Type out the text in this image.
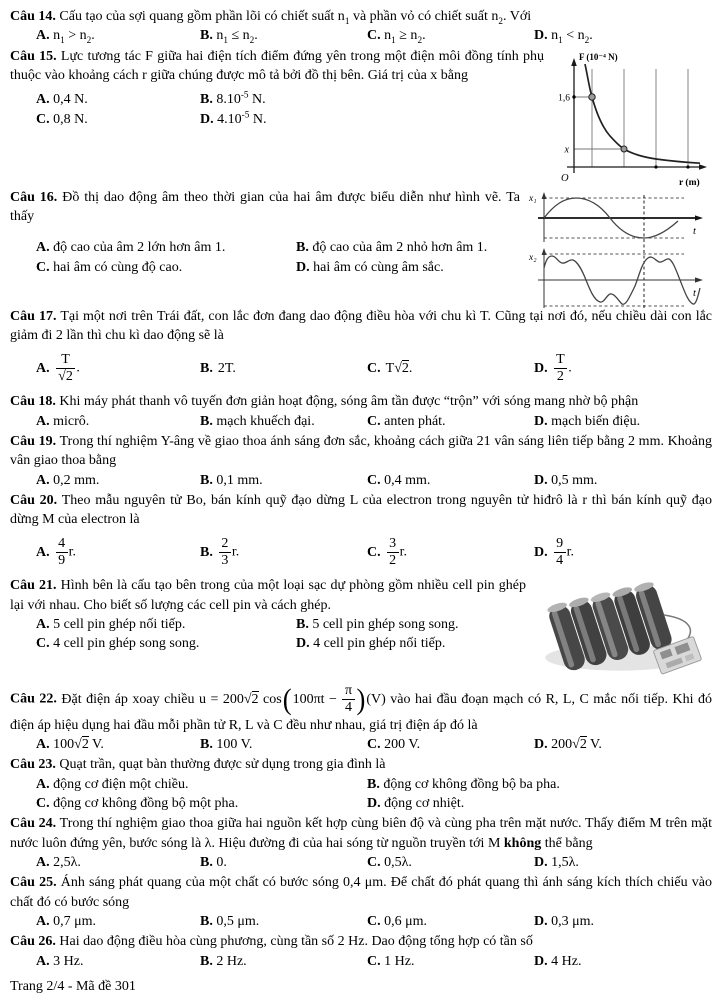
Câu 14. Cấu tạo của sợi quang gồm phần lõi có chiết suất $n_1$ và phần vỏ có chiết suất $n_2$. Với

A. $n_1 > n_2$.	B. $n_1 \le n_2$.	C. $n_1 \ge n_2$.	D. $n_1 < n_2$.

Câu 15. Lực tương tác F giữa hai điện tích điểm đứng yên trong một điện môi đồng tính phụ thuộc vào khoảng cách r giữa chúng được mô tả bởi đồ thị bên. Giá trị của x bằng

A. 0,4 N.	B. $8.10^{-5}$ N.
C. 0,8 N.	D. $4.10^{-5}$ N.
F (10⁻⁴ N)
1,6
x
O	r (m)

Câu 16. Đồ thị dao động âm theo thời gian của hai âm được biểu diễn như hình vẽ. Ta thấy

A. độ cao của âm 2 lớn hơn âm 1.	B. độ cao của âm 2 nhỏ hơn âm 1.
C. hai âm có cùng độ cao.	D. hai âm có cùng âm sắc.
x₁
t
x₂
t

Câu 17. Tại một nơi trên Trái đất, con lắc đơn đang dao động điều hòa với chu kì T. Cũng tại nơi đó, nếu chiều dài con lắc giảm đi 2 lần thì chu kì dao động sẽ là

A. $\frac{T}{√2}$ .	B. 2T.	C. T√2.	D. $\frac{T}{2}$ .

Câu 18. Khi máy phát thanh vô tuyến đơn giản hoạt động, sóng âm tần được “trộn” với sóng mang nhờ bộ phận

A. micrô.	B. mạch khuếch đại.	C. anten phát.	D. mạch biến điệu.

Câu 19. Trong thí nghiệm Y-âng về giao thoa ánh sáng đơn sắc, khoảng cách giữa 21 vân sáng liên tiếp bằng 2 mm. Khoảng vân giao thoa bằng

A. 0,2 mm.	B. 0,1 mm.	C. 0,4 mm.	D. 0,5 mm.

Câu 20. Theo mẫu nguyên tử Bo, bán kính quỹ đạo dừng L của electron trong nguyên tử hiđrô là r thì bán kính quỹ đạo dừng M của electron là

A. $\frac{4}{9} r$.	B. $\frac{2}{3} r$.	C. $\frac{3}{2} r$.	D. $\frac{9}{4} r$.

Câu 21. Hình bên là cấu tạo bên trong của một loại sạc dự phòng gồm nhiều cell pin ghép lại với nhau. Cho biết số lượng các cell pin và cách ghép.

A. 5 cell pin ghép nối tiếp.	B. 5 cell pin ghép song song.
C. 4 cell pin ghép song song.	D. 4 cell pin ghép nối tiếp.

Câu 22. Đặt điện áp xoay chiều u = 200√2 $\cos(100\pi t - \frac{\pi}{4} )(V)$ vào hai đầu đoạn mạch có R, L, C mắc nối tiếp. Khi đó điện áp hiệu dụng hai đầu mỗi phần tử R, L và C đều như nhau, giá trị điện áp đó là

A. 100√2 V.	B. 100 V.	C. 200 V.	D. 200√2 V.

Câu 23. Quạt trần, quạt bàn thường được sử dụng trong gia đình là

A. động cơ điện một chiều.	B. động cơ không đồng bộ ba pha.
C. động cơ không đồng bộ một pha.	D. động cơ nhiệt.

Câu 24. Trong thí nghiệm giao thoa giữa hai nguồn kết hợp cùng biên độ và cùng pha trên mặt nước. Thấy điểm M trên mặt nước luôn đứng yên, bước sóng là λ. Hiệu đường đi của hai sóng từ nguồn truyền tới M không thể bằng

A. 2,5λ.	B. 0.	C. 0,5λ.	D. 1,5λ.

Câu 25. Ánh sáng phát quang của một chất có bước sóng 0,4 μm. Để chất đó phát quang thì ánh sáng kích thích chiếu vào chất đó có bước sóng

A. 0,7 μm.	B. 0,5 μm.	C. 0,6 μm.	D. 0,3 μm.

Câu 26. Hai dao động điều hòa cùng phương, cùng tần số 2 Hz. Dao động tổng hợp có tần số

A. 3 Hz.	B. 2 Hz.	C. 1 Hz.	D. 4 Hz.
Trang 2/4 - Mã đề 301
